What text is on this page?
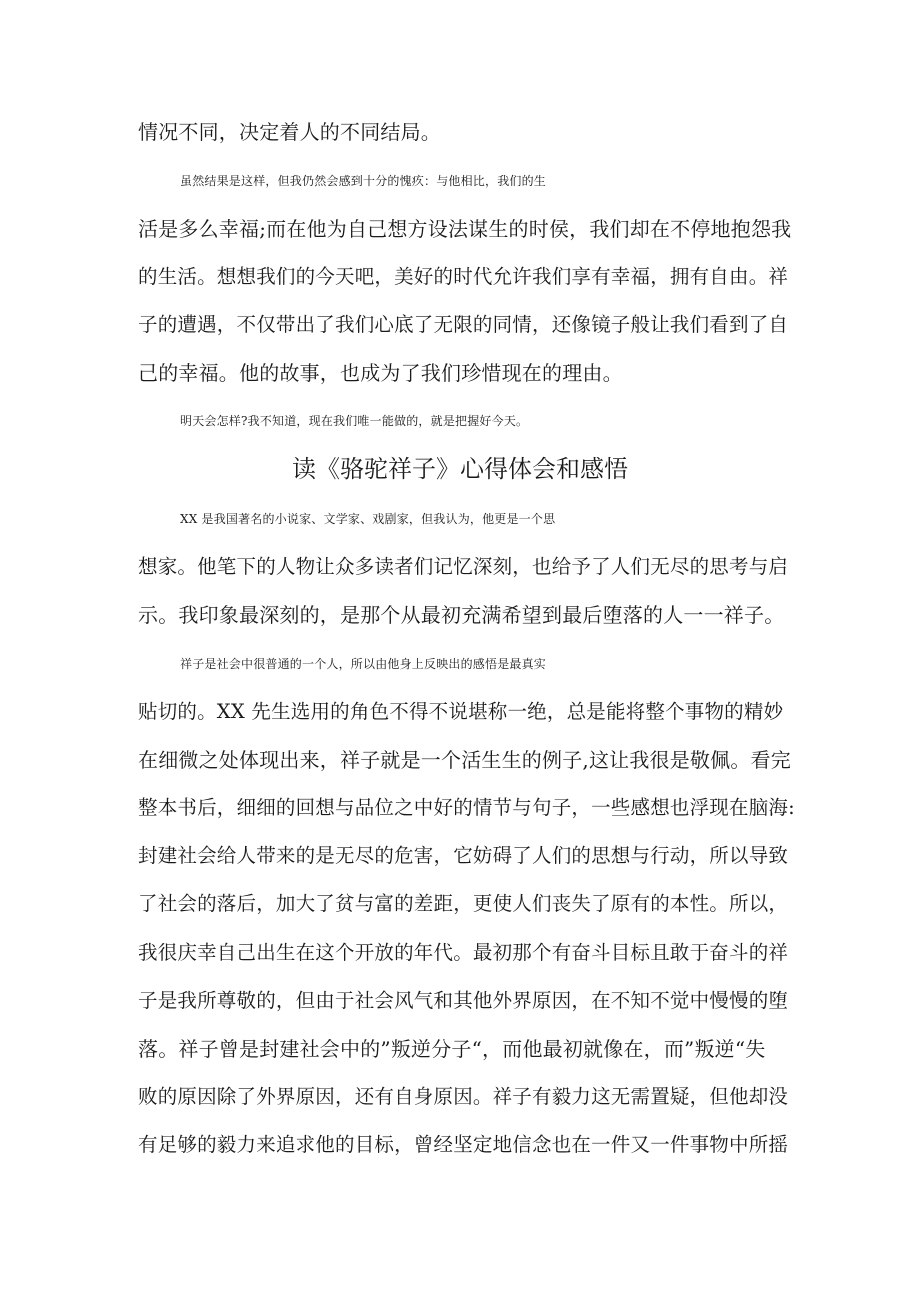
情况不同，决定着人的不同结局。
虽然结果是这样，但我仍然会感到十分的愧疚：与他相比，我们的生
活是多么幸福;而在他为自己想方设法谋生的时侯，我们却在不停地抱怨我
的生活。想想我们的今天吧，美好的时代允许我们享有幸福，拥有自由。祥
子的遭遇，不仅带出了我们心底了无限的同情，还像镜子般让我们看到了自
己的幸福。他的故事，也成为了我们珍惜现在的理由。
明天会怎样?我不知道，现在我们唯一能做的，就是把握好今天。
读《骆驼祥子》心得体会和感悟
XX 是我国著名的小说家、文学家、戏剧家，但我认为，他更是一个思
想家。他笔下的人物让众多读者们记忆深刻，也给予了人们无尽的思考与启
示。我印象最深刻的，是那个从最初充满希望到最后堕落的人一一祥子。
祥子是社会中很普通的一个人，所以由他身上反映出的感悟是最真实
贴切的。XX 先生选用的角色不得不说堪称一绝，总是能将整个事物的精妙
在细微之处体现出来，祥子就是一个活生生的例子,这让我很是敬佩。看完
整本书后，细细的回想与品位之中好的情节与句子，一些感想也浮现在脑海:
封建社会给人带来的是无尽的危害，它妨碍了人们的思想与行动，所以导致
了社会的落后，加大了贫与富的差距，更使人们丧失了原有的本性。所以，
我很庆幸自己出生在这个开放的年代。最初那个有奋斗目标且敢于奋斗的祥
子是我所尊敬的，但由于社会风气和其他外界原因，在不知不觉中慢慢的堕
落。祥子曾是封建社会中的”叛逆分子“，而他最初就像在，而”叛逆“失
败的原因除了外界原因，还有自身原因。祥子有毅力这无需置疑，但他却没
有足够的毅力来追求他的目标，曾经坚定地信念也在一件又一件事物中所摇
